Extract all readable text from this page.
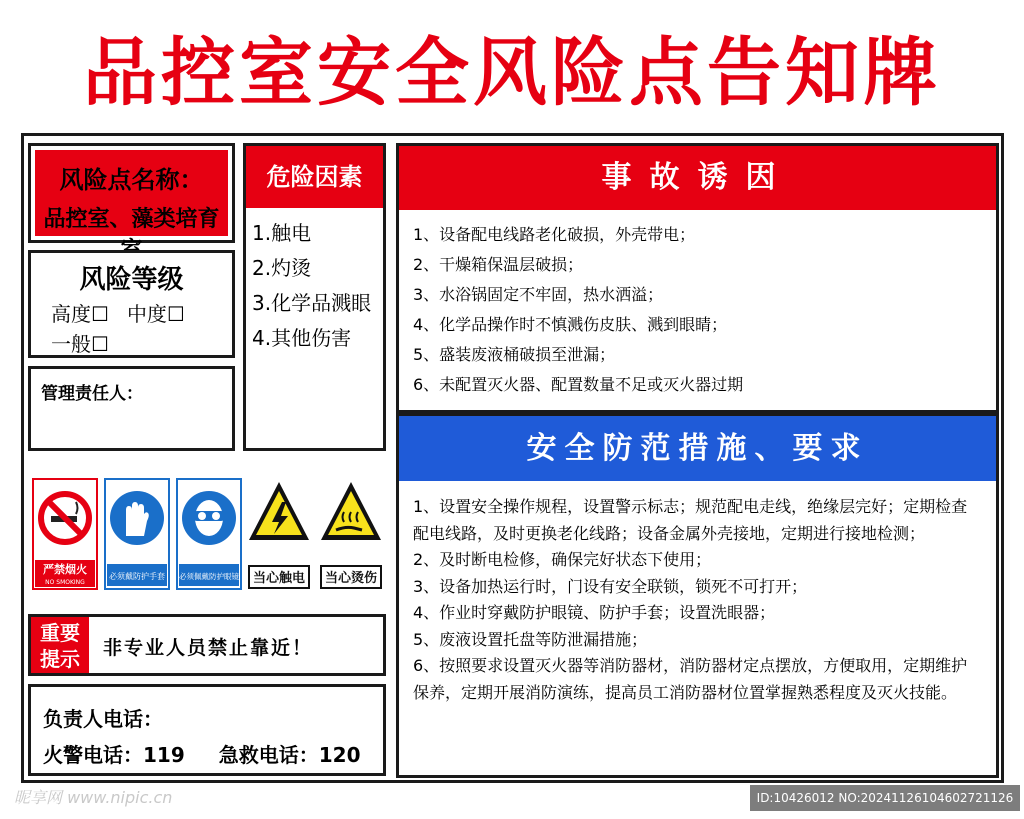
品控室安全风险点告知牌
风险点名称：
品控室、藻类培育
风险等级
高度☐ 中度☐
一般☐
管理责任人：
危险因素
1.触电
2.灼烫
3.化学品溅眼
4.其他伤害
事故诱因
1、设备配电线路老化破损，外壳带电；
2、干燥箱保温层破损；
3、水浴锅固定不牢固，热水洒溢；
4、化学品操作时不慎溅伤皮肤、溅到眼睛；
5、盛装废液桶破损至泄漏；
6、未配置灭火器、配置数量不足或灭火器过期
安全防范措施、要求
1、设置安全操作规程，设置警示标志；规范配电走线，绝缘层完好；定期检查配电线路，及时更换老化线路；设备金属外壳接地，定期进行接地检测；
2、及时断电检修，确保完好状态下使用；
3、设备加热运行时，门设有安全联锁，锁死不可打开；
4、作业时穿戴防护眼镜、防护手套；设置洗眼器；
5、废液设置托盘等防泄漏措施；
6、按照要求设置灭火器等消防器材，消防器材定点摆放，方便取用，定期维护保养，定期开展消防演练，提高员工消防器材位置掌握熟悉程度及灭火技能。
严禁烟火
NO SMOKING
必须戴防护手套 必须佩戴防护眼镜 当心触电 当心烫伤
重要
提示	非专业人员禁止靠近！
负责人电话：
火警电话：119 急救电话：120
昵享网 www.nipic.cn	ID:10426012 NO:20241126104602721126
